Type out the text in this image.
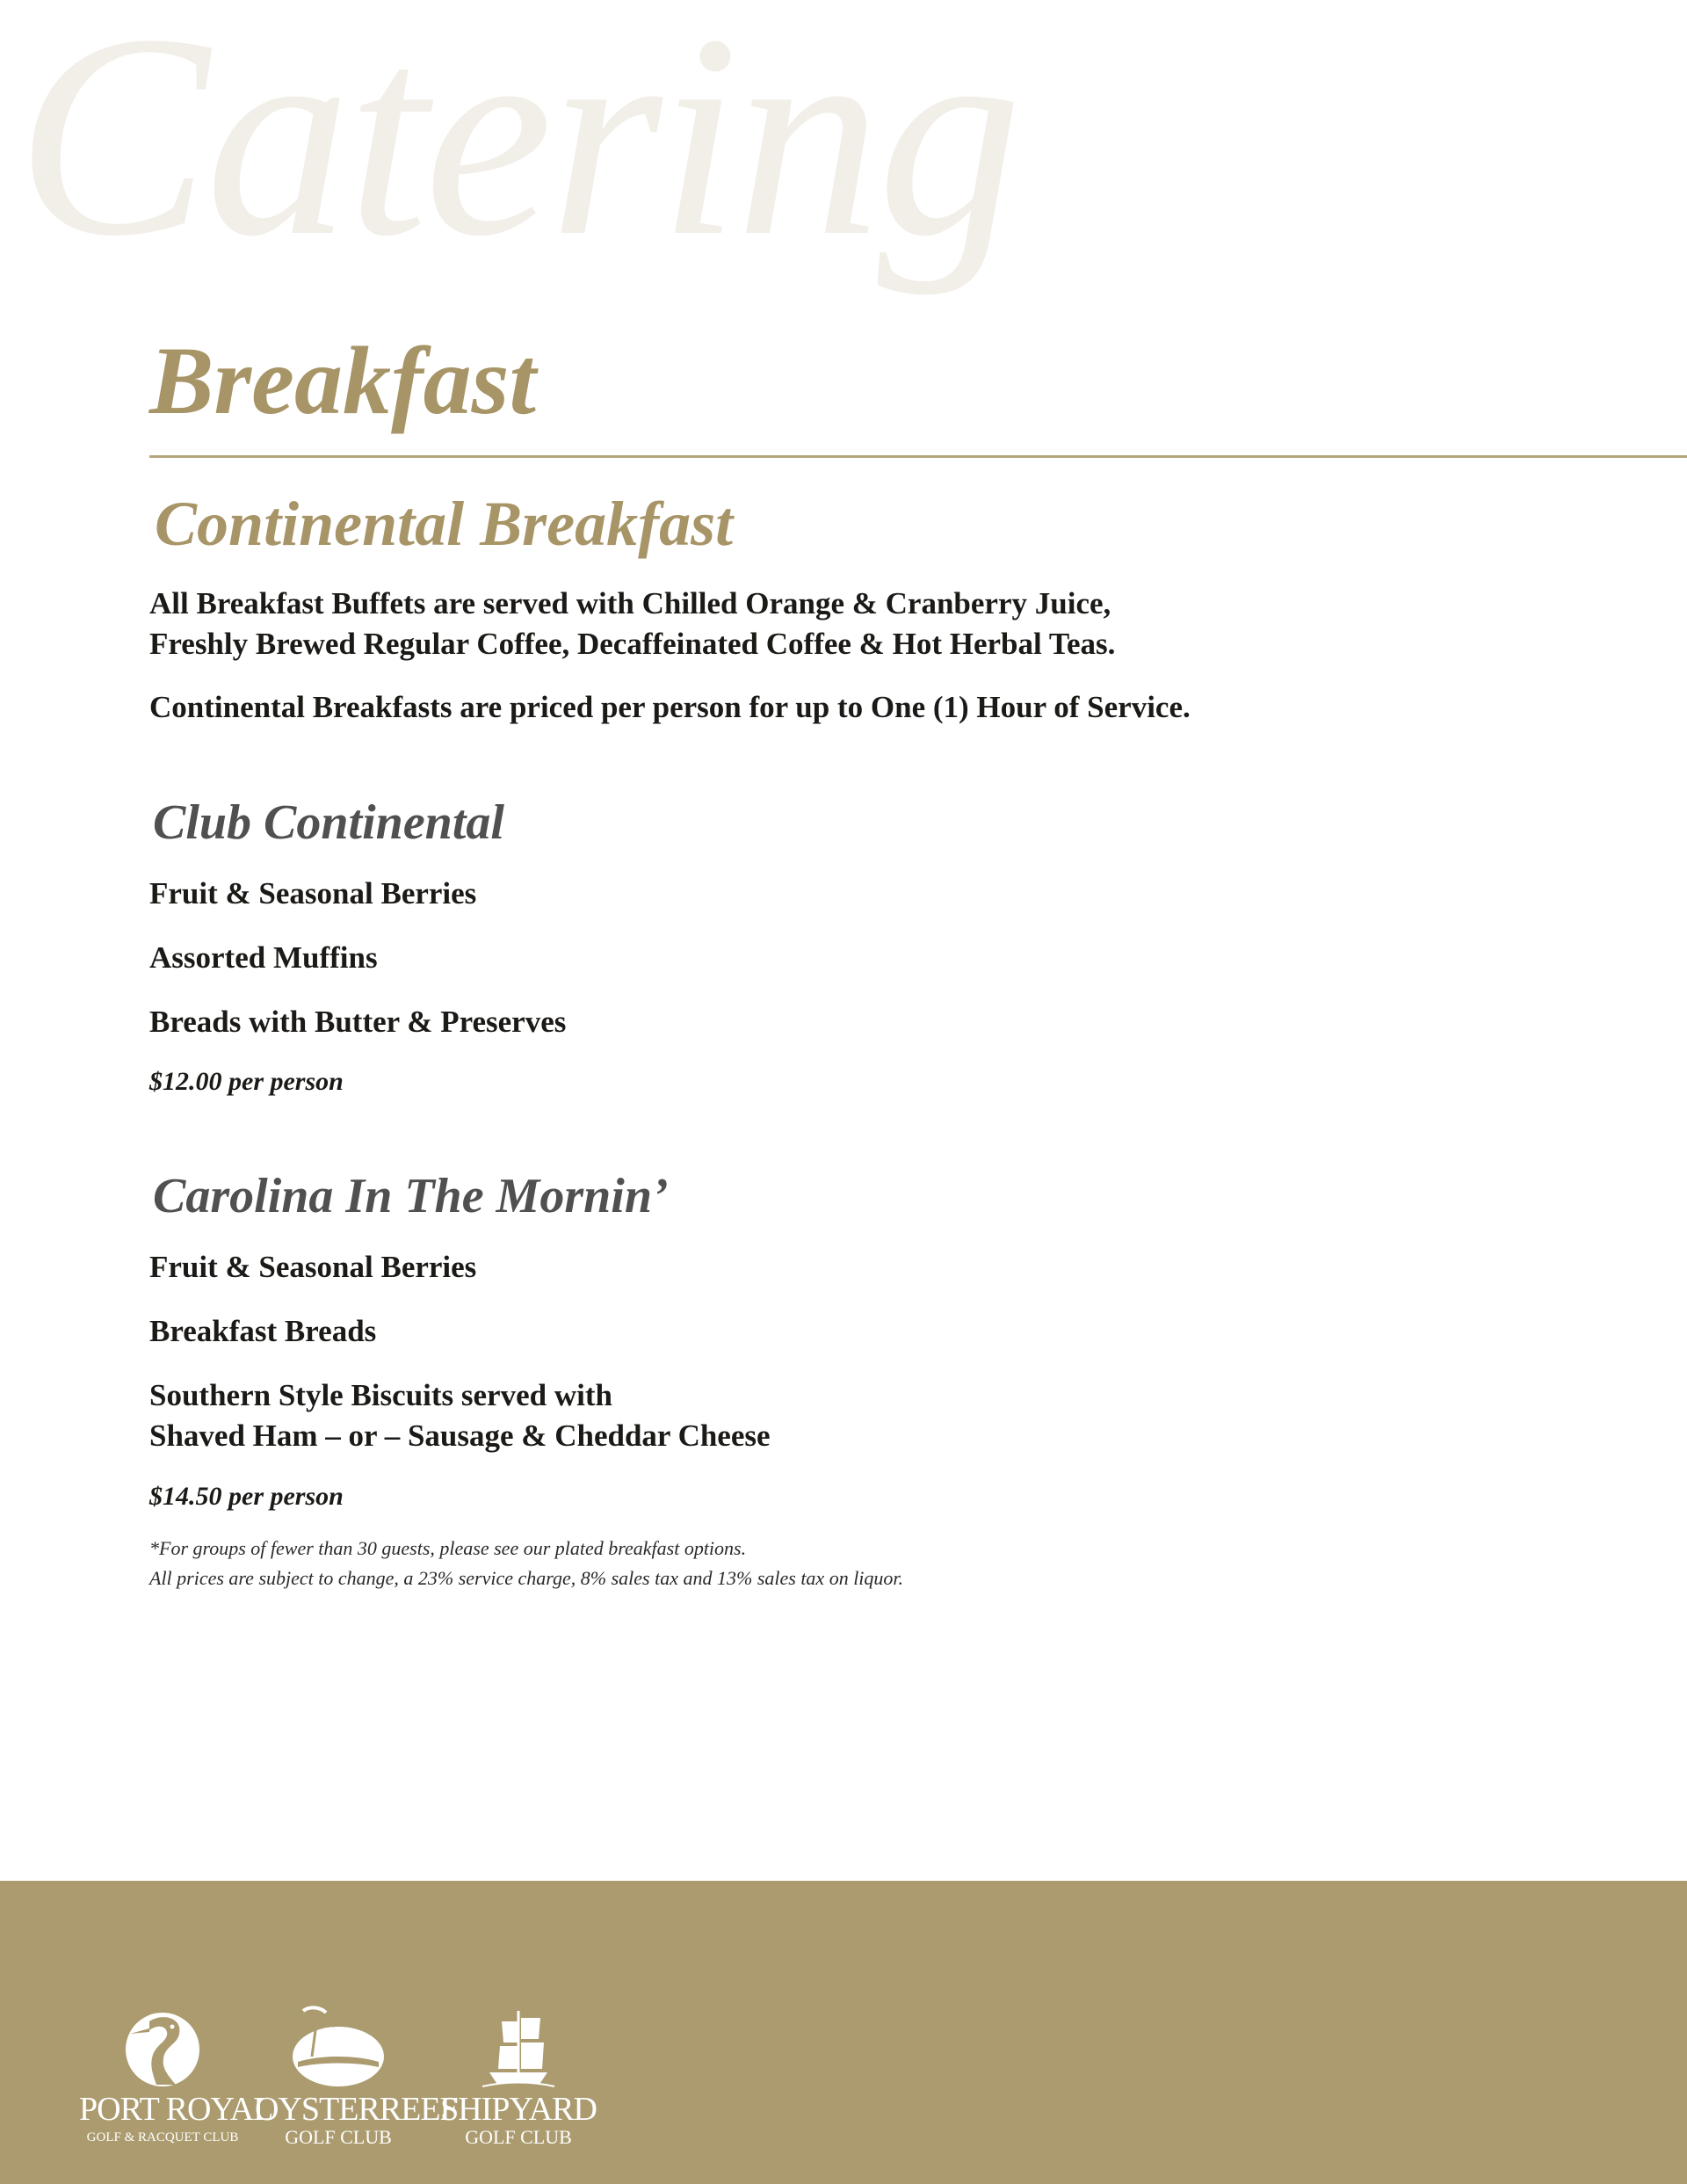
Catering
Breakfast
Continental Breakfast
All Breakfast Buffets are served with Chilled Orange & Cranberry Juice,
Freshly Brewed Regular Coffee, Decaffeinated Coffee & Hot Herbal Teas.
Continental Breakfasts are priced per person for up to One (1) Hour of Service.
Club Continental
Fruit & Seasonal Berries
Assorted Muffins
Breads with Butter & Preserves
$12.00 per person
Carolina In The Mornin’
Fruit & Seasonal Berries
Breakfast Breads
Southern Style Biscuits served with
Shaved Ham – or – Sausage & Cheddar Cheese
$14.50 per person
*For groups of fewer than 30 guests, please see our plated breakfast options.
All prices are subject to change, a 23% service charge, 8% sales tax and 13% sales tax on liquor.
PORT ROYAL
GOLF & RACQUET CLUB
OYSTERREEF
GOLF CLUB
SHIPYARD
GOLF CLUB
